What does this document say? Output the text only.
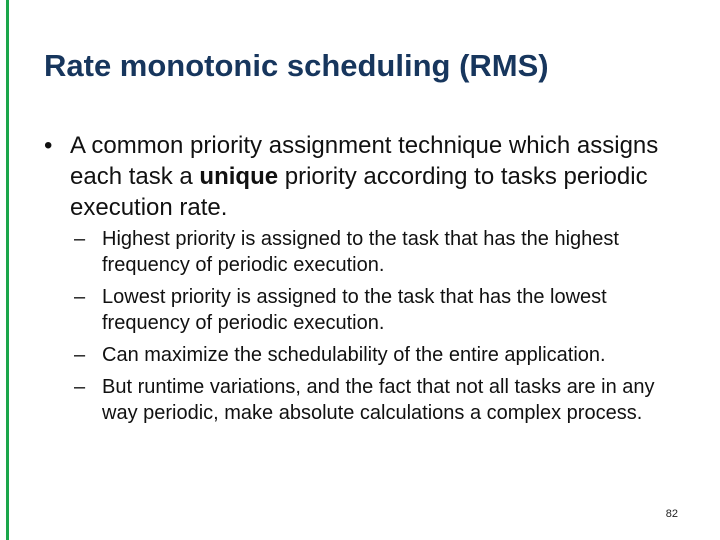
Rate monotonic scheduling (RMS)
• A common priority assignment technique which assigns each task a unique priority according to tasks periodic execution rate.
– Highest priority is assigned to the task that has the highest frequency of periodic execution.
– Lowest priority is assigned to the task that has the lowest frequency of periodic execution.
– Can maximize the schedulability of the entire application.
– But runtime variations, and the fact that not all tasks are in any way periodic, make absolute calculations a complex process.
82
